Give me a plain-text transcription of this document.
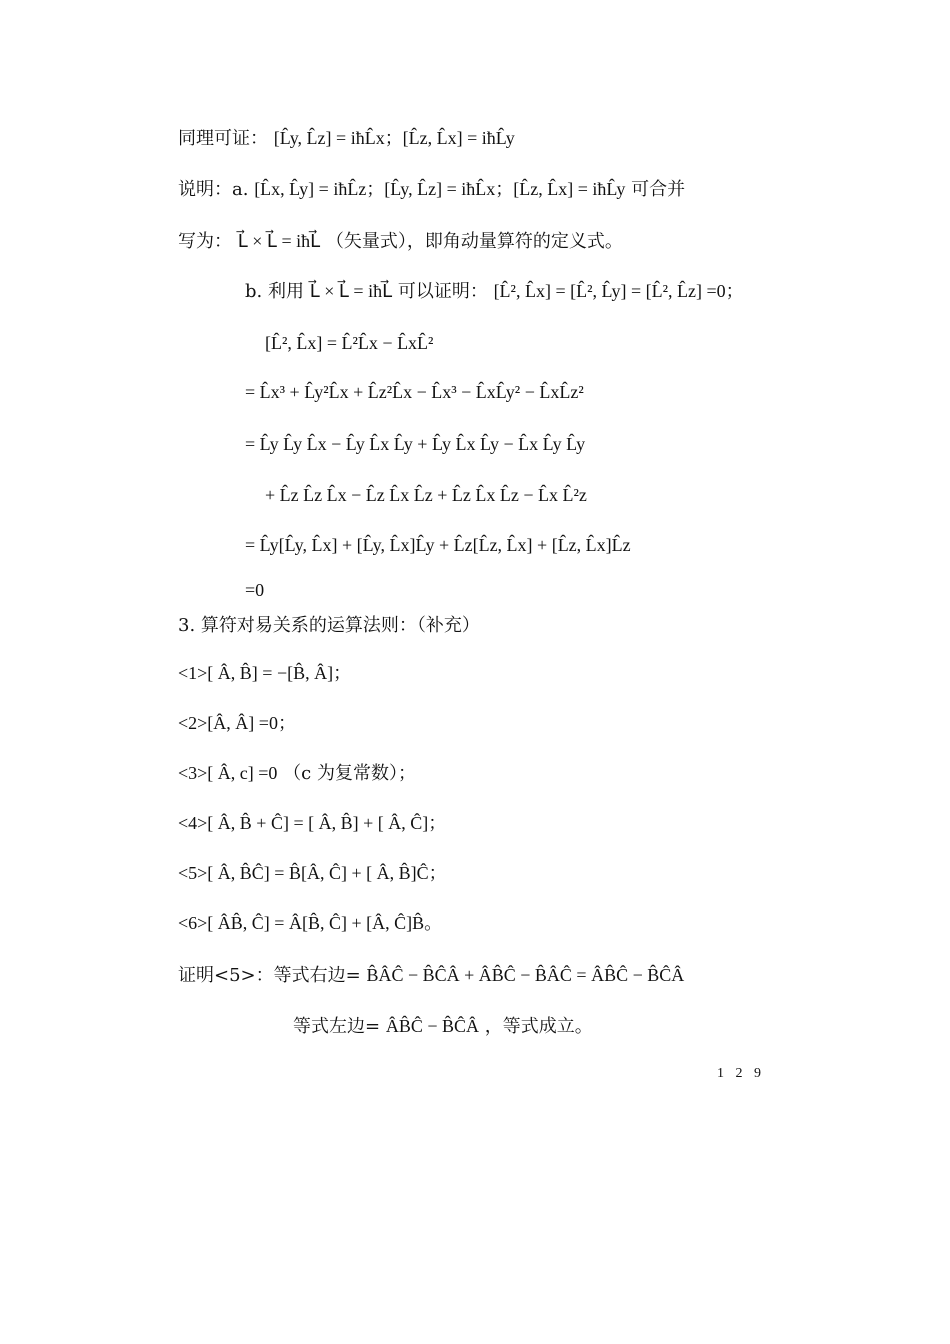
同理可证： [L̂y, L̂z] = iħL̂x；[L̂z, L̂x] = iħL̂y
说明：a. [L̂x, L̂y] = iħL̂z；[L̂y, L̂z] = iħL̂x；[L̂z, L̂x] = iħL̂y 可合并
写为： L⃗ × L⃗ = iħL⃗ （矢量式），即角动量算符的定义式。
b. 利用 L⃗ × L⃗ = iħL⃗ 可以证明： [L̂², L̂x] = [L̂², L̂y] = [L̂², L̂z] =0；
[L̂², L̂x] = L̂²L̂x − L̂xL̂²
= L̂x³ + L̂y²L̂x + L̂z²L̂x − L̂x³ − L̂xL̂y² − L̂xL̂z²
= L̂y L̂y L̂x − L̂y L̂x L̂y + L̂y L̂x L̂y − L̂x L̂y L̂y
+ L̂z L̂z L̂x − L̂z L̂x L̂z + L̂z L̂x L̂z − L̂x L̂²z
= L̂y[L̂y, L̂x] + [L̂y, L̂x]L̂y + L̂z[L̂z, L̂x] + [L̂z, L̂x]L̂z
=0
3. 算符对易关系的运算法则：（补充）
<1>[ Â, B̂] = −[B̂, Â]；
<2>[Â, Â] =0；
<3>[ Â, c] =0 （c 为复常数）；
<4>[ Â, B̂ + Ĉ] = [ Â, B̂] + [ Â, Ĉ]；
<5>[ Â, B̂Ĉ] = B̂[Â, Ĉ] + [ Â, B̂]Ĉ；
<6>[ ÂB̂, Ĉ] = Â[B̂, Ĉ] + [Â, Ĉ]B̂。
证明<5>：等式右边= B̂ÂĈ − B̂ĈÂ + ÂB̂Ĉ − B̂ÂĈ = ÂB̂Ĉ − B̂ĈÂ
等式左边= ÂB̂Ĉ − B̂ĈÂ ，等式成立。
1 2 9
